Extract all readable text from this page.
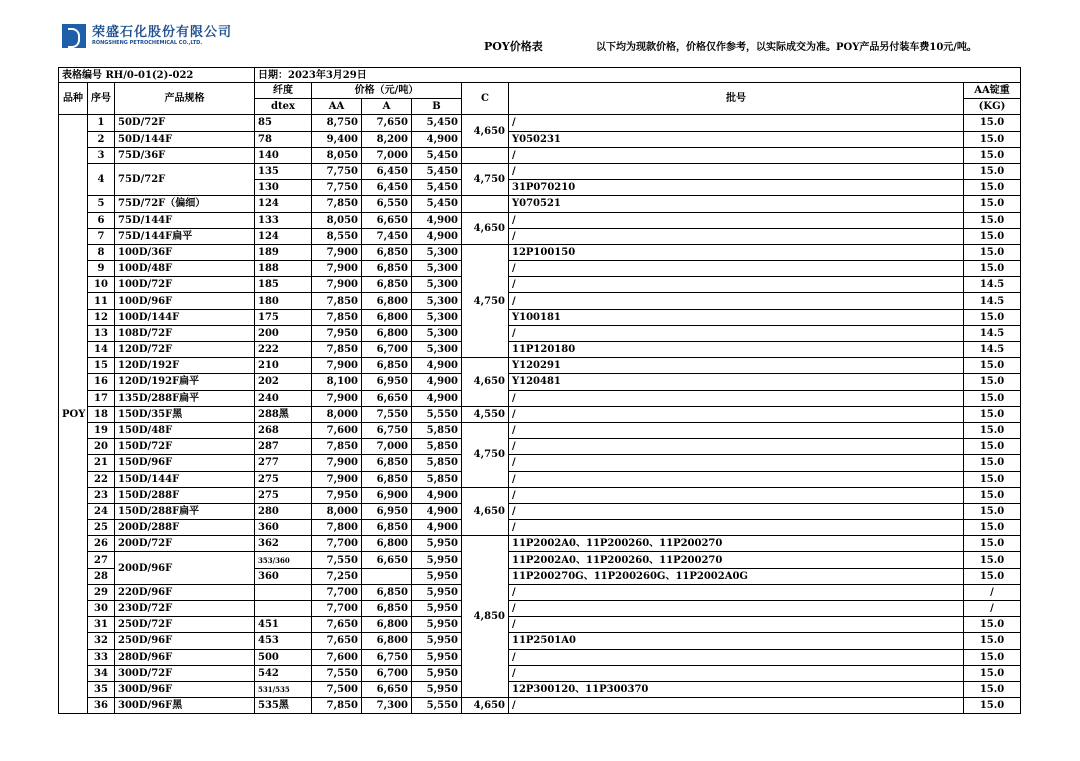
荣盛石化股份有限公司
RONGSHENG PETROCHEMICAL CO.,LTD.	POY价格表	以下均为现款价格，价格仅作参考，以实际成交为准。POY产品另付装车费10元/吨。
表格编号 RH/0-01(2)-022			日期：2023年3月29日						
品种	序号	产品规格	纤度	价格（元/吨）			C	批号	AA锭重
			dtex	AA	A	B			(KG)
POY	1	50D/72F	85	8,750	7,650	5,450	4,650	/	15.0
	2	50D/144F	78	9,400	8,200	4,900		Y050231	15.0
	3	75D/36F	140	8,050	7,000	5,450		/	15.0
	4	75D/72F	135	7,750	6,450	5,450	4,750	/	15.0
			130	7,750	6,450	5,450		31P070210	15.0
	5	75D/72F（偏细）	124	7,850	6,550	5,450		Y070521	15.0
	6	75D/144F	133	8,050	6,650	4,900	4,650	/	15.0
	7	75D/144F扁平	124	8,550	7,450	4,900		/	15.0
	8	100D/36F	189	7,900	6,850	5,300	4,750	12P100150	15.0
	9	100D/48F	188	7,900	6,850	5,300		/	15.0
	10	100D/72F	185	7,900	6,850	5,300		/	14.5
	11	100D/96F	180	7,850	6,800	5,300		/	14.5
	12	100D/144F	175	7,850	6,800	5,300		Y100181	15.0
	13	108D/72F	200	7,950	6,800	5,300		/	14.5
	14	120D/72F	222	7,850	6,700	5,300		11P120180	14.5
	15	120D/192F	210	7,900	6,850	4,900	4,650	Y120291	15.0
	16	120D/192F扁平	202	8,100	6,950	4,900		Y120481	15.0
	17	135D/288F扁平	240	7,900	6,650	4,900		/	15.0
	18	150D/35F黑	288黑	8,000	7,550	5,550	4,550	/	15.0
	19	150D/48F	268	7,600	6,750	5,850	4,750	/	15.0
	20	150D/72F	287	7,850	7,000	5,850		/	15.0
	21	150D/96F	277	7,900	6,850	5,850		/	15.0
	22	150D/144F	275	7,900	6,850	5,850		/	15.0
	23	150D/288F	275	7,950	6,900	4,900	4,650	/	15.0
	24	150D/288F扁平	280	8,000	6,950	4,900		/	15.0
	25	200D/288F	360	7,800	6,850	4,900		/	15.0
	26	200D/72F	362	7,700	6,800	5,950	4,850	11P2002A0、11P200260、11P200270	15.0
	27	200D/96F	353/360	7,550	6,650	5,950		11P2002A0、11P200260、11P200270	15.0
	28		360	7,250		5,950		11P200270G、11P200260G、11P2002A0G	15.0
	29	220D/96F		7,700	6,850	5,950		/	/
	30	230D/72F		7,700	6,850	5,950		/	/
	31	250D/72F	451	7,650	6,800	5,950		/	15.0
	32	250D/96F	453	7,650	6,800	5,950		11P2501A0	15.0
	33	280D/96F	500	7,600	6,750	5,950		/	15.0
	34	300D/72F	542	7,550	6,700	5,950		/	15.0
	35	300D/96F	531/535	7,500	6,650	5,950		12P300120、11P300370	15.0
	36	300D/96F黑	535黑	7,850	7,300	5,550	4,650	/	15.0
